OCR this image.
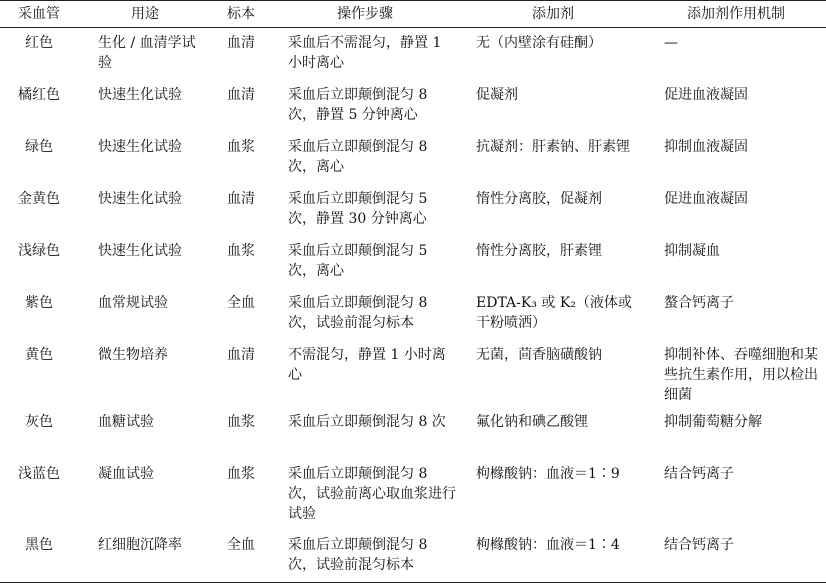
采血管	用途	标本	操作步骤	添加剂	添加剂作用机制
红色	生化 / 血清学试验	血清	采血后不需混匀，静置 1 小时离心	无（内壁涂有硅酮）	—
橘红色	快速生化试验	血清	采血后立即颠倒混匀 8 次，静置 5 分钟离心	促凝剂	促进血液凝固
绿色	快速生化试验	血浆	采血后立即颠倒混匀 8 次，离心	抗凝剂：肝素钠、肝素锂	抑制血液凝固
金黄色	快速生化试验	血清	采血后立即颠倒混匀 5 次，静置 30 分钟离心	惰性分离胶，促凝剂	促进血液凝固
浅绿色	快速生化试验	血浆	采血后立即颠倒混匀 5 次，离心	惰性分离胶，肝素锂	抑制凝血
紫色	血常规试验	全血	采血后立即颠倒混匀 8 次，试验前混匀标本	EDTA-K₃ 或 K₂（液体或干粉喷洒）	螯合钙离子
黄色	微生物培养	血清	不需混匀，静置 1 小时离心	无菌，茴香脑磺酸钠	抑制补体、吞噬细胞和某些抗生素作用，用以检出细菌
灰色	血糖试验	血浆	采血后立即颠倒混匀 8 次	氟化钠和碘乙酸锂	抑制葡萄糖分解
浅蓝色	凝血试验	血浆	采血后立即颠倒混匀 8 次，试验前离心取血浆进行试验	枸橼酸钠：血液＝1∶9	结合钙离子
黑色	红细胞沉降率	全血	采血后立即颠倒混匀 8 次，试验前混匀标本	枸橼酸钠：血液＝1∶4	结合钙离子
